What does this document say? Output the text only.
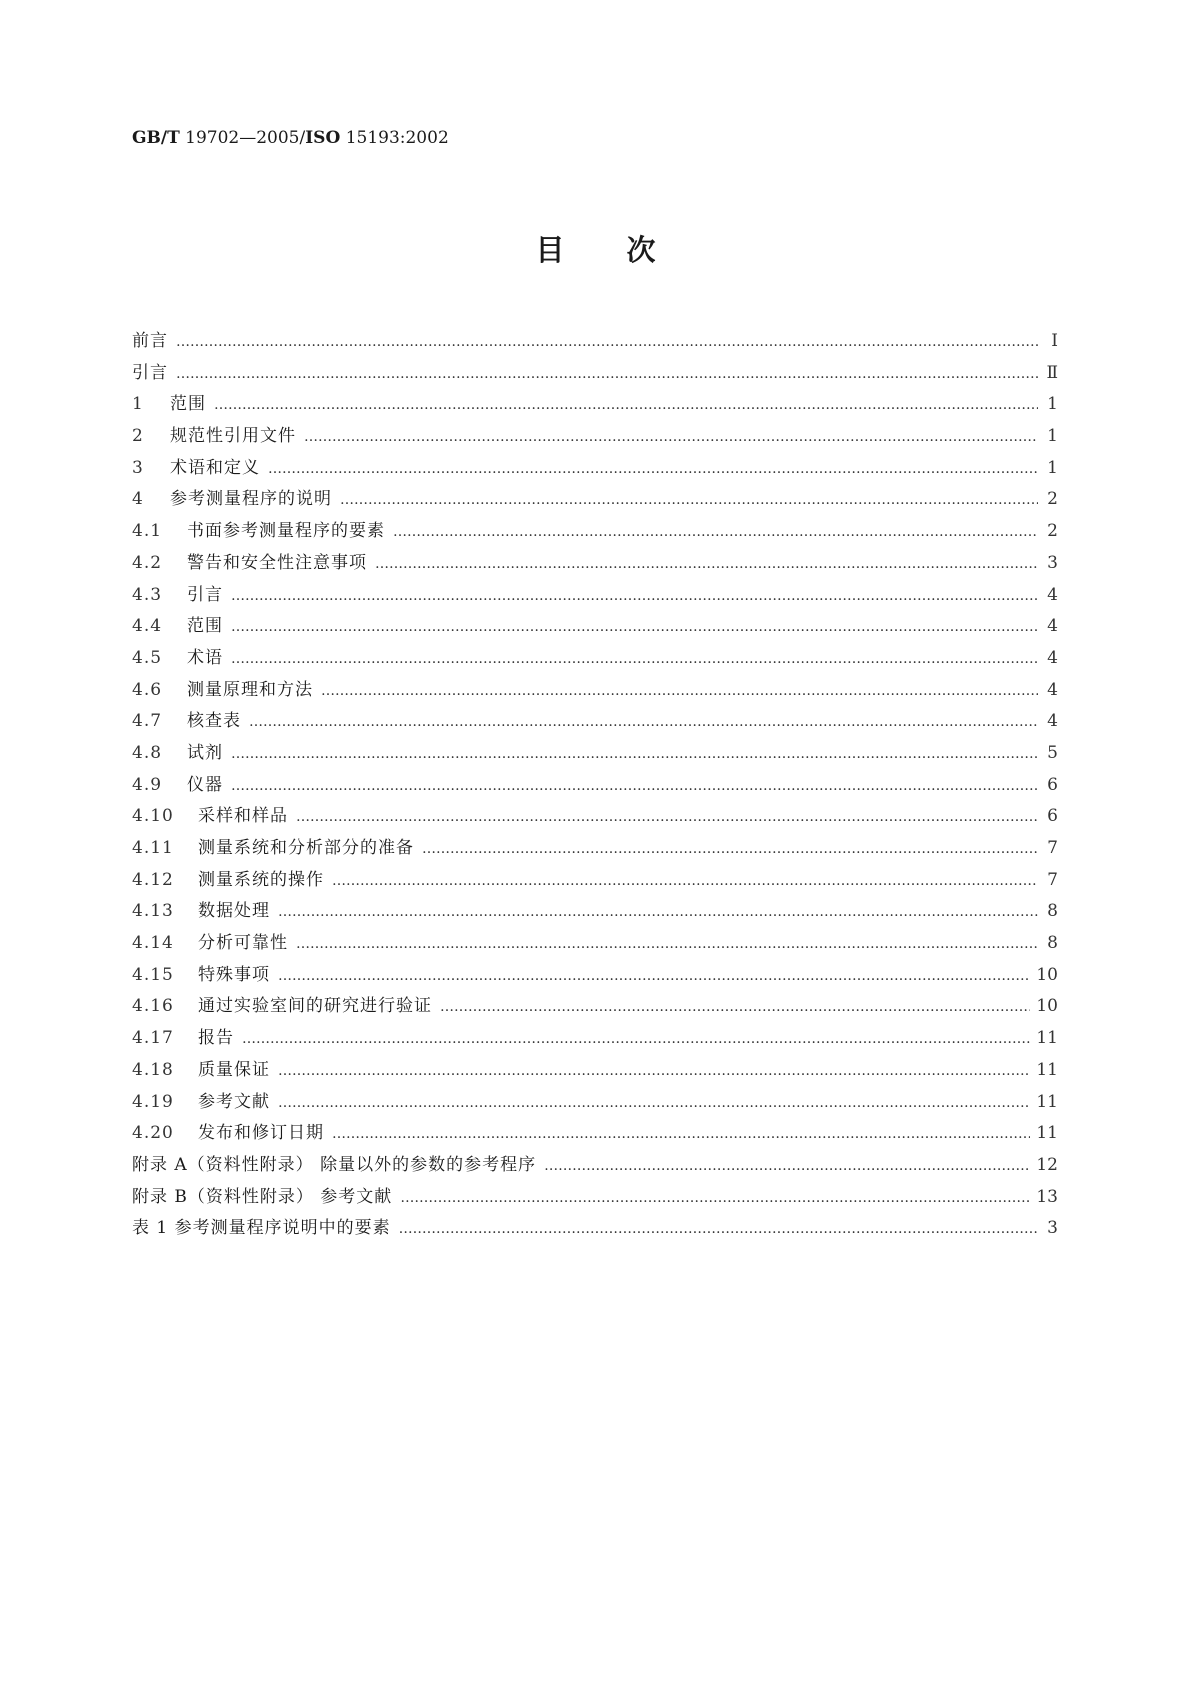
GB/T 19702—2005/ISO 15193:2002
目次
前言 …………………………………………………………………………………………………………………………………………………………………………………………………………………	Ⅰ
引言 …………………………………………………………………………………………………………………………………………………………………………………………………………………	Ⅱ
1	范围 …………………………………………………………………………………………………………………………………………………………………………………………………………………	1
2	规范性引用文件 …………………………………………………………………………………………………………………………………………………………………………………………………………………	1
3	术语和定义 …………………………………………………………………………………………………………………………………………………………………………………………………………………	1
4	参考测量程序的说明 …………………………………………………………………………………………………………………………………………………………………………………………………………………	2
4.1	书面参考测量程序的要素 …………………………………………………………………………………………………………………………………………………………………………………………………………………	2
4.2	警告和安全性注意事项 …………………………………………………………………………………………………………………………………………………………………………………………………………………	3
4.3	引言 …………………………………………………………………………………………………………………………………………………………………………………………………………………	4
4.4	范围 …………………………………………………………………………………………………………………………………………………………………………………………………………………	4
4.5	术语 …………………………………………………………………………………………………………………………………………………………………………………………………………………	4
4.6	测量原理和方法 …………………………………………………………………………………………………………………………………………………………………………………………………………………	4
4.7	核查表 …………………………………………………………………………………………………………………………………………………………………………………………………………………	4
4.8	试剂 …………………………………………………………………………………………………………………………………………………………………………………………………………………	5
4.9	仪器 …………………………………………………………………………………………………………………………………………………………………………………………………………………	6
4.10	采样和样品 …………………………………………………………………………………………………………………………………………………………………………………………………………………	6
4.11	测量系统和分析部分的准备 …………………………………………………………………………………………………………………………………………………………………………………………………………………	7
4.12	测量系统的操作 …………………………………………………………………………………………………………………………………………………………………………………………………………………	7
4.13	数据处理 …………………………………………………………………………………………………………………………………………………………………………………………………………………	8
4.14	分析可靠性 …………………………………………………………………………………………………………………………………………………………………………………………………………………	8
4.15	特殊事项 …………………………………………………………………………………………………………………………………………………………………………………………………………………	10
4.16	通过实验室间的研究进行验证 …………………………………………………………………………………………………………………………………………………………………………………………………………………	10
4.17	报告 …………………………………………………………………………………………………………………………………………………………………………………………………………………	11
4.18	质量保证 …………………………………………………………………………………………………………………………………………………………………………………………………………………	11
4.19	参考文献 …………………………………………………………………………………………………………………………………………………………………………………………………………………	11
4.20	发布和修订日期 …………………………………………………………………………………………………………………………………………………………………………………………………………………	11
附录 A（资料性附录） 除量以外的参数的参考程序 …………………………………………………………………………………………………………………………………………………………………………………………………………………	12
附录 B（资料性附录） 参考文献 …………………………………………………………………………………………………………………………………………………………………………………………………………………	13
表 1 参考测量程序说明中的要素 …………………………………………………………………………………………………………………………………………………………………………………………………………………	3
